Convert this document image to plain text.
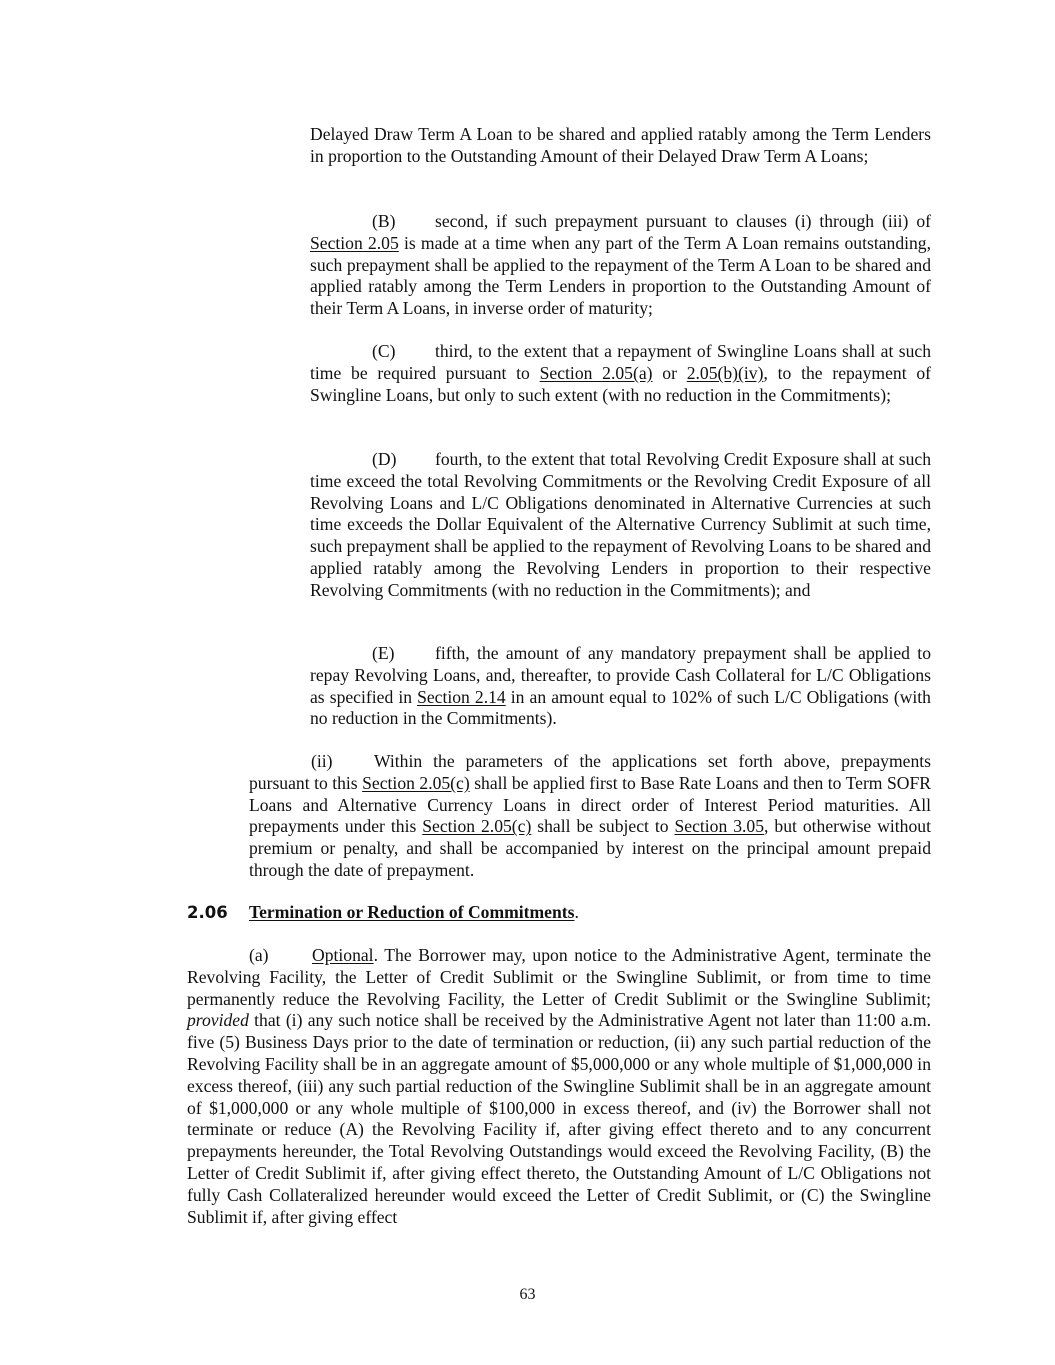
Delayed Draw Term A Loan to be shared and applied ratably among the Term Lenders in proportion to the Outstanding Amount of their Delayed Draw Term A Loans;

(B) second, if such prepayment pursuant to clauses (i) through (iii) of Section 2.05 is made at a time when any part of the Term A Loan remains outstanding, such prepayment shall be applied to the repayment of the Term A Loan to be shared and applied ratably among the Term Lenders in proportion to the Outstanding Amount of their Term A Loans, in inverse order of maturity;

(C) third, to the extent that a repayment of Swingline Loans shall at such time be required pursuant to Section 2.05(a) or 2.05(b)(iv), to the repayment of Swingline Loans, but only to such extent (with no reduction in the Commitments);

(D) fourth, to the extent that total Revolving Credit Exposure shall at such time exceed the total Revolving Commitments or the Revolving Credit Exposure of all Revolving Loans and L/C Obligations denominated in Alternative Currencies at such time exceeds the Dollar Equivalent of the Alternative Currency Sublimit at such time, such prepayment shall be applied to the repayment of Revolving Loans to be shared and applied ratably among the Revolving Lenders in proportion to their respective Revolving Commitments (with no reduction in the Commitments); and

(E) fifth, the amount of any mandatory prepayment shall be applied to repay Revolving Loans, and, thereafter, to provide Cash Collateral for L/C Obligations as specified in Section 2.14 in an amount equal to 102% of such L/C Obligations (with no reduction in the Commitments).

(ii) Within the parameters of the applications set forth above, prepayments pursuant to this Section 2.05(c) shall be applied first to Base Rate Loans and then to Term SOFR Loans and Alternative Currency Loans in direct order of Interest Period maturities. All prepayments under this Section 2.05(c) shall be subject to Section 3.05, but otherwise without premium or penalty, and shall be accompanied by interest on the principal amount prepaid through the date of prepayment.

2.06 Termination or Reduction of Commitments.

(a) Optional. The Borrower may, upon notice to the Administrative Agent, terminate the Revolving Facility, the Letter of Credit Sublimit or the Swingline Sublimit, or from time to time permanently reduce the Revolving Facility, the Letter of Credit Sublimit or the Swingline Sublimit; provided that (i) any such notice shall be received by the Administrative Agent not later than 11:00 a.m. five (5) Business Days prior to the date of termination or reduction, (ii) any such partial reduction of the Revolving Facility shall be in an aggregate amount of $5,000,000 or any whole multiple of $1,000,000 in excess thereof, (iii) any such partial reduction of the Swingline Sublimit shall be in an aggregate amount of $1,000,000 or any whole multiple of $100,000 in excess thereof, and (iv) the Borrower shall not terminate or reduce (A) the Revolving Facility if, after giving effect thereto and to any concurrent prepayments hereunder, the Total Revolving Outstandings would exceed the Revolving Facility, (B) the Letter of Credit Sublimit if, after giving effect thereto, the Outstanding Amount of L/C Obligations not fully Cash Collateralized hereunder would exceed the Letter of Credit Sublimit, or (C) the Swingline Sublimit if, after giving effect

63
